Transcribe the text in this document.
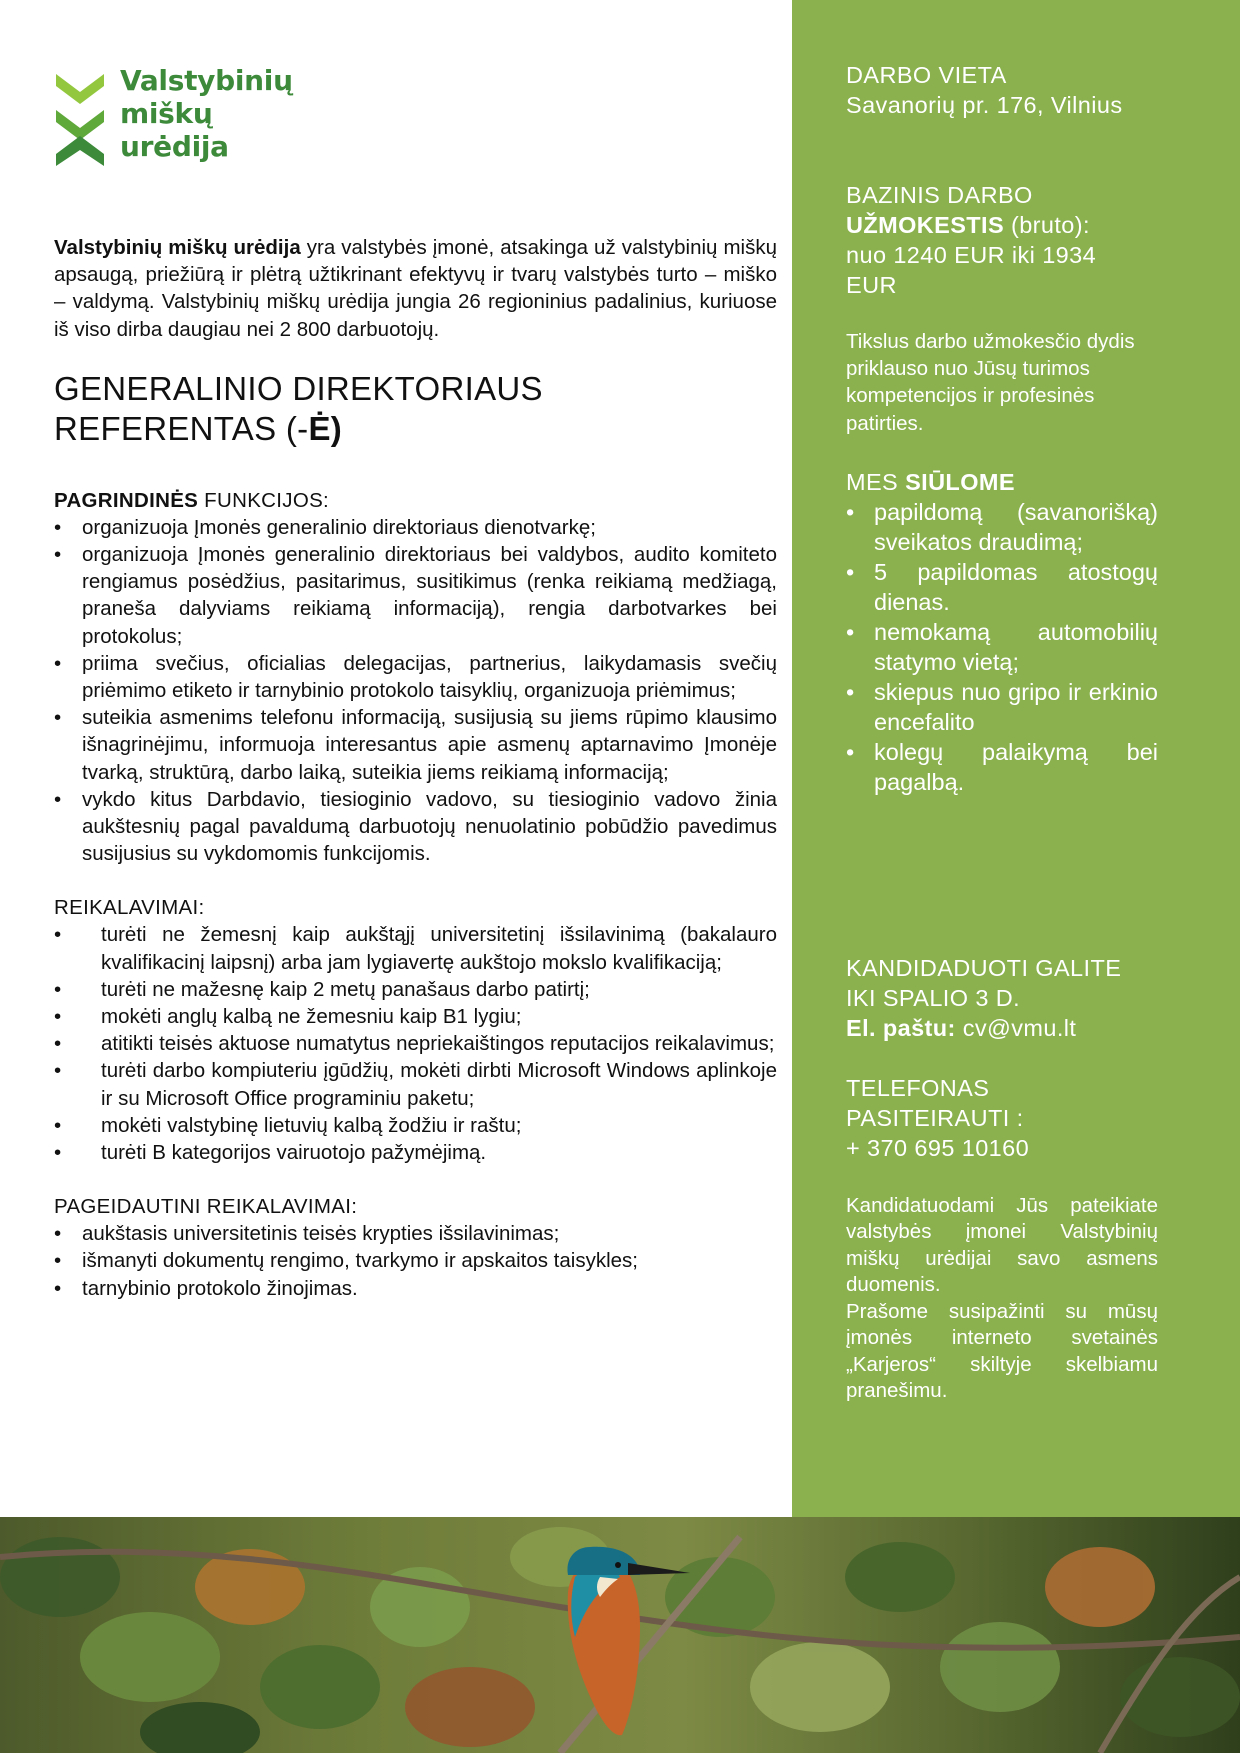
Valstybinių
miškų
urėdija

Valstybinių miškų urėdija yra valstybės įmonė, atsakinga už valstybinių miškų apsaugą, priežiūrą ir plėtrą užtikrinant efektyvų ir tvarų valstybės turto – miško – valdymą. Valstybinių miškų urėdija jungia 26 regioninius padalinius, kuriuose iš viso dirba daugiau nei 2 800 darbuotojų.

GENERALINIO DIREKTORIAUS
REFERENTAS (-Ė)

PAGRINDINĖS FUNKCIJOS:

• organizuoja Įmonės generalinio direktoriaus dienotvarkę;
• organizuoja Įmonės generalinio direktoriaus bei valdybos, audito komiteto rengiamus posėdžius, pasitarimus, susitikimus (renka reikiamą medžiagą, praneša dalyviams reikiamą informaciją), rengia darbotvarkes bei protokolus;
• priima svečius, oficialias delegacijas, partnerius, laikydamasis svečių priėmimo etiketo ir tarnybinio protokolo taisyklių, organizuoja priėmimus;
• suteikia asmenims telefonu informaciją, susijusią su jiems rūpimo klausimo išnagrinėjimu, informuoja interesantus apie asmenų aptarnavimo Įmonėje tvarką, struktūrą, darbo laiką, suteikia jiems reikiamą informaciją;
• vykdo kitus Darbdavio, tiesioginio vadovo, su tiesioginio vadovo žinia aukštesnių pagal pavaldumą darbuotojų nenuolatinio pobūdžio pavedimus susijusius su vykdomomis funkcijomis.

REIKALAVIMAI:

• turėti ne žemesnį kaip aukštąjį universitetinį išsilavinimą (bakalauro kvalifikacinį laipsnį) arba jam lygiavertę aukštojo mokslo kvalifikaciją;
• turėti ne mažesnę kaip 2 metų panašaus darbo patirtį;
• mokėti anglų kalbą ne žemesniu kaip B1 lygiu;
• atitikti teisės aktuose numatytus nepriekaištingos reputacijos reikalavimus;
• turėti darbo kompiuteriu įgūdžių, mokėti dirbti Microsoft Windows aplinkoje ir su Microsoft Office programiniu paketu;
• mokėti valstybinę lietuvių kalbą žodžiu ir raštu;
• turėti B kategorijos vairuotojo pažymėjimą.

PAGEIDAUTINI REIKALAVIMAI:

• aukštasis universitetinis teisės krypties išsilavinimas;
• išmanyti dokumentų rengimo, tvarkymo ir apskaitos taisykles;
• tarnybinio protokolo žinojimas.
DARBO VIETA
Savanorių pr. 176, Vilnius
BAZINIS DARBO
UŽMOKESTIS (bruto):
nuo 1240 EUR iki 1934
EUR
Tikslus darbo užmokesčio dydis priklauso nuo Jūsų turimos kompetencijos ir profesinės patirties.
MES SIŪLOME
• papildomą (savanorišką) sveikatos draudimą;
• 5 papildomas atostogų dienas.
• nemokamą automobilių statymo vietą;
• skiepus nuo gripo ir erkinio encefalito
• kolegų palaikymą bei pagalbą.
KANDIDADUOTI GALITE
IKI SPALIO 3 D.
El. paštu: cv@vmu.lt
TELEFONAS
PASITEIRAUTI :
+ 370 695 10160
Kandidatuodami Jūs pateikiate valstybės įmonei Valstybinių miškų urėdijai savo asmens duomenis.
Prašome susipažinti su mūsų įmonės interneto svetainės „Karjeros“ skiltyje skelbiamu pranešimu.
